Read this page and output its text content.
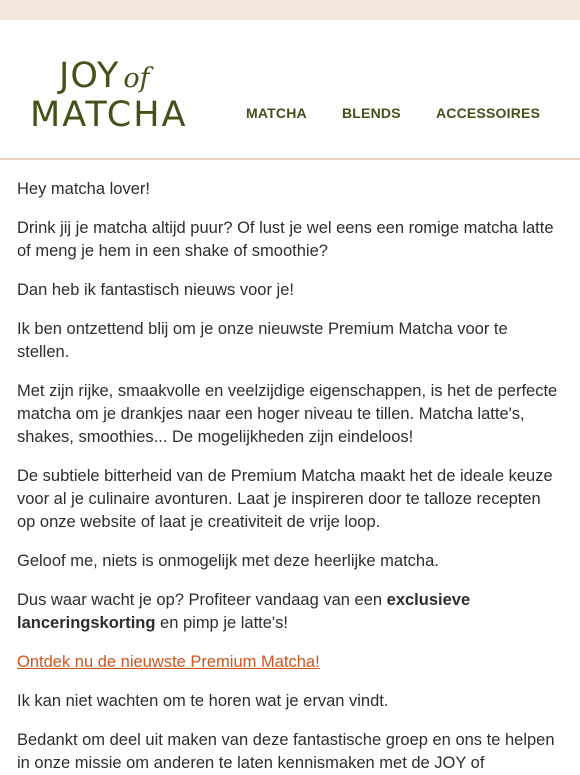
JOY of
MATCHA	MATCHA	BLENDS	ACCESSOIRES

Hey matcha lover!

Drink jij je matcha altijd puur? Of lust je wel eens een romige matcha latte of meng je hem in een shake of smoothie?

Dan heb ik fantastisch nieuws voor je!

Ik ben ontzettend blij om je onze nieuwste Premium Matcha voor te stellen.

Met zijn rijke, smaakvolle en veelzijdige eigenschappen, is het de perfecte matcha om je drankjes naar een hoger niveau te tillen. Matcha latte's, shakes, smoothies... De mogelijkheden zijn eindeloos!

De subtiele bitterheid van de Premium Matcha maakt het de ideale keuze voor al je culinaire avonturen. Laat je inspireren door te talloze recepten op onze website of laat je creativiteit de vrije loop.

Geloof me, niets is onmogelijk met deze heerlijke matcha.

Dus waar wacht je op? Profiteer vandaag van een exclusieve lanceringskorting en pimp je latte's!

Ontdek nu de nieuwste Premium Matcha!

Ik kan niet wachten om te horen wat je ervan vindt.

Bedankt om deel uit maken van deze fantastische groep en ons te helpen in onze missie om anderen te laten kennismaken met de JOY of
